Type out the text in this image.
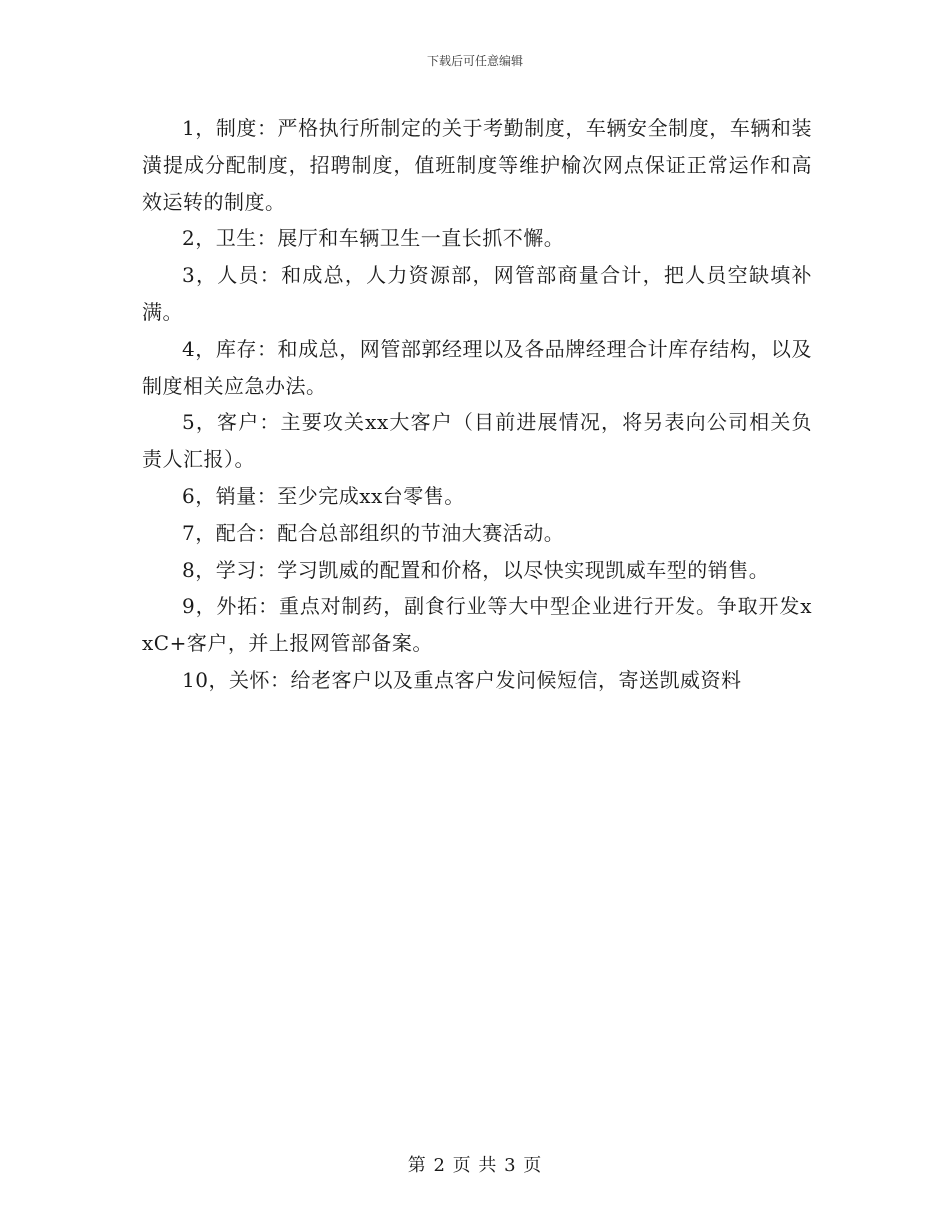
下载后可任意编辑

1，制度：严格执行所制定的关于考勤制度，车辆安全制度，车辆和装潢提成分配制度，招聘制度，值班制度等维护榆次网点保证正常运作和高效运转的制度。

2，卫生：展厅和车辆卫生一直长抓不懈。

3，人员：和成总，人力资源部，网管部商量合计，把人员空缺填补满。

4，库存：和成总，网管部郭经理以及各品牌经理合计库存结构，以及制度相关应急办法。

5，客户：主要攻关xx大客户（目前进展情况，将另表向公司相关负责人汇报）。

6，销量：至少完成xx台零售。

7，配合：配合总部组织的节油大赛活动。

8，学习：学习凯威的配置和价格，以尽快实现凯威车型的销售。

9，外拓：重点对制药，副食行业等大中型企业进行开发。争取开发xxC+客户，并上报网管部备案。

10，关怀：给老客户以及重点客户发问候短信，寄送凯威资料

第 2 页 共 3 页
